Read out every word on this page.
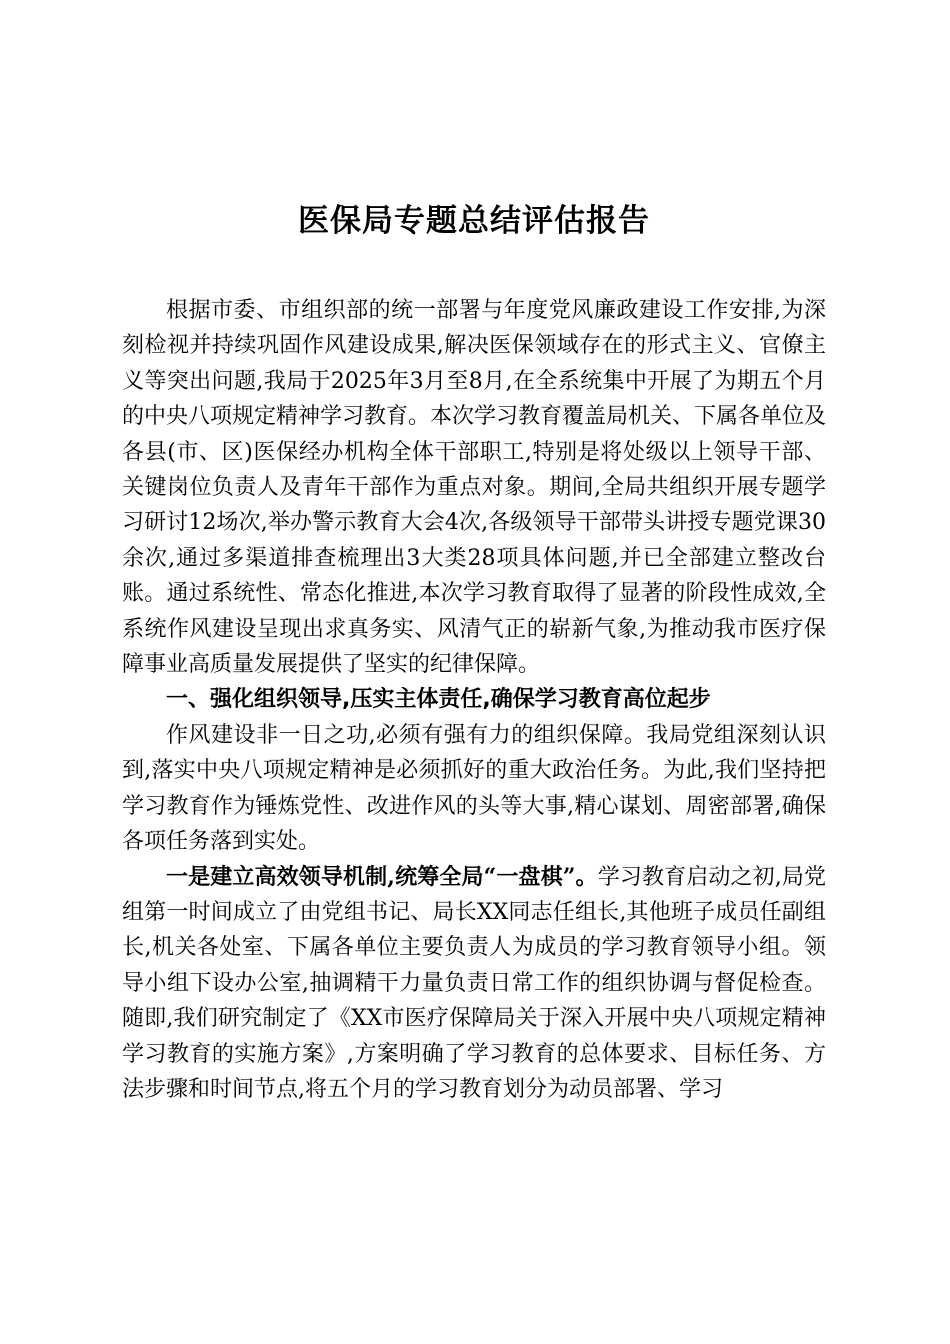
医保局专题总结评估报告

根据市委、市组织部的统一部署与年度党风廉政建设工作安排,为深刻检视并持续巩固作风建设成果,解决医保领域存在的形式主义、官僚主义等突出问题,我局于2025年3月至8月,在全系统集中开展了为期五个月的中央八项规定精神学习教育。本次学习教育覆盖局机关、下属各单位及各县(市、区)医保经办机构全体干部职工,特别是将处级以上领导干部、关键岗位负责人及青年干部作为重点对象。期间,全局共组织开展专题学习研讨12场次,举办警示教育大会4次,各级领导干部带头讲授专题党课30余次,通过多渠道排查梳理出3大类28项具体问题,并已全部建立整改台账。通过系统性、常态化推进,本次学习教育取得了显著的阶段性成效,全系统作风建设呈现出求真务实、风清气正的崭新气象,为推动我市医疗保障事业高质量发展提供了坚实的纪律保障。

一、强化组织领导,压实主体责任,确保学习教育高位起步

作风建设非一日之功,必须有强有力的组织保障。我局党组深刻认识到,落实中央八项规定精神是必须抓好的重大政治任务。为此,我们坚持把学习教育作为锤炼党性、改进作风的头等大事,精心谋划、周密部署,确保各项任务落到实处。

一是建立高效领导机制,统筹全局“一盘棋”。学习教育启动之初,局党组第一时间成立了由党组书记、局长XX同志任组长,其他班子成员任副组长,机关各处室、下属各单位主要负责人为成员的学习教育领导小组。领导小组下设办公室,抽调精干力量负责日常工作的组织协调与督促检查。随即,我们研究制定了《XX市医疗保障局关于深入开展中央八项规定精神学习教育的实施方案》,方案明确了学习教育的总体要求、目标任务、方法步骤和时间节点,将五个月的学习教育划分为动员部署、学习
